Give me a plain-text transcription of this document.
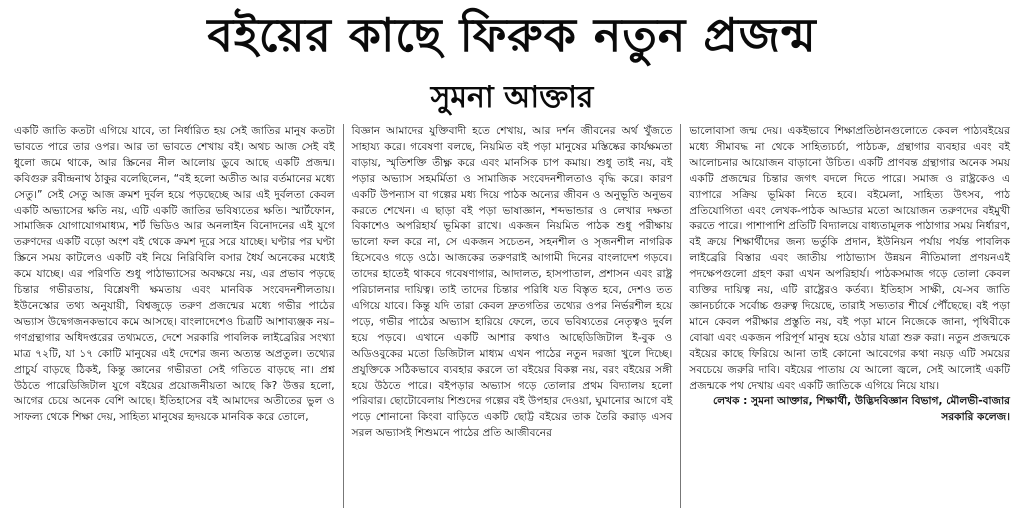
বইয়ের কাছে ফিরুক নতুন প্রজন্ম
সুমনা আক্তার

একটি জাতি কতটা এগিয়ে যাবে, তা নির্ধারিত হয় সেই জাতির মানুষ কতটা ভাবতে পারে তার ওপর। আর তা ভাবতে শেখায় বই। অথচ আজ সেই বই ধুলো জমে থাকে, আর স্ক্রিনের নীল আলোয় ডুবে আছে একটি প্রজন্ম। কবিগুরু রবীন্দ্রনাথ ঠাকুর বলেছিলেন, “বই হলো অতীত আর বর্তমানের মধ্যে সেতু।” সেই সেতু আজ ক্রমশ দুর্বল হয়ে পড়ছেচ্ছে আর এই দুর্বলতা কেবল একটি অভ্যাসের ক্ষতি নয়, এটি একটি জাতির ভবিষ্যতের ক্ষতি। স্মার্টফোন, সামাজিক যোগাযোগমাধ্যম, শর্ট ভিডিও আর অনলাইন বিনোদনের এই যুগে তরুণদের একটি বড়ো অংশ বই থেকে ক্রমশ দূরে সরে যাচ্ছে। ঘণ্টার পর ঘণ্টা স্ক্রিনে সময় কাটলেও একটি বই নিয়ে নিরিবিলি বসার ধৈর্য অনেকের মধ্যেই কমে যাচ্ছে। এর পরিণতি শুধু পাঠাভ্যাসের অবক্ষয়ে নয়, এর প্রভাব পড়ছে চিন্তার গভীরতায়, বিশ্লেষণী ক্ষমতায় এবং মানবিক সংবেদনশীলতায়। ইউনেস্কোর তথ্য অনুযায়ী, বিশ্বজুড়ে তরুণ প্রজন্মের মধ্যে গভীর পাঠের অভ্যাস উদ্বেগজনকভাবে কমে আসছে। বাংলাদেশেও চিত্রটি আশাব্যঞ্জক নয়– গণগ্রন্থাগার অধিদপ্তরের তথ্যমতে, দেশে সরকারি পাবলিক লাইব্রেরির সংখ্যা মাত্র ৭২টি, যা ১৭ কোটি মানুষের এই দেশের জন্য অত্যন্ত অপ্রতুল। তথ্যের প্রাচুর্য বাড়ছে ঠিকই, কিন্তু জ্ঞানের গভীরতা সেই গতিতে বাড়ছে না। প্রশ্ন উঠতে পারেডিজিটাল যুগে বইয়ের প্রয়োজনীয়তা আছে কি? উত্তর হলো, আগের চেয়ে অনেক বেশি আছে। ইতিহাসের বই আমাদের অতীতের ভুল ও সাফল্য থেকে শিক্ষা দেয়, সাহিত্য মানুষের হৃদয়কে মানবিক করে তোলে,

বিজ্ঞান আমাদের যুক্তিবাদী হতে শেখায়, আর দর্শন জীবনের অর্থ খুঁজতে সাহায্য করে। গবেষণা বলছে, নিয়মিত বই পড়া মানুষের মস্তিষ্কের কার্যক্ষমতা বাড়ায়, স্মৃতিশক্তি তীক্ষ্ণ করে এবং মানসিক চাপ কমায়। শুধু তাই নয়, বই পড়ার অভ্যাস সহমর্মিতা ও সামাজিক সংবেদনশীলতাও বৃদ্ধি করে। কারণ একটি উপন্যাস বা গল্পের মধ্য দিয়ে পাঠক অন্যের জীবন ও অনুভূতি অনুভব করতে শেখেন। এ ছাড়া বই পড়া ভাষাজ্ঞান, শব্দভান্ডার ও লেখার দক্ষতা বিকাশেও অপরিহার্য ভূমিকা রাখে। একজন নিয়মিত পাঠক শুধু পরীক্ষায় ভালো ফল করে না, সে একজন সচেতন, সহনশীল ও সৃজনশীল নাগরিক হিসেবেও গড়ে ওঠে। আজকের তরুণরাই আগামী দিনের বাংলাদেশ গড়বে। তাদের হাতেই থাকবে গবেষণাগার, আদালত, হাসপাতাল, প্রশাসন এবং রাষ্ট্র পরিচালনার দায়িত্ব। তাই তাদের চিন্তার পরিধি যত বিস্তৃত হবে, দেশও তত এগিয়ে যাবে। কিন্তু যদি তারা কেবল দ্রুতগতির তথ্যের ওপর নির্ভরশীল হয়ে পড়ে, গভীর পাঠের অভ্যাস হারিয়ে ফেলে, তবে ভবিষ্যতের নেতৃত্বও দুর্বল হয়ে পড়বে। এখানে একটি আশার কথাও আছেডিজিটাল ই-বুক ও অডিওবুকের মতো ডিজিটাল মাধ্যম এখন পাঠের নতুন দরজা খুলে দিচ্ছে। প্রযুক্তিকে সঠিকভাবে ব্যবহার করলে তা বইয়ের বিকল্প নয়, বরং বইয়ের সঙ্গী হয়ে উঠতে পারে। বইপড়ার অভ্যাস গড়ে তোলার প্রথম বিদ্যালয় হলো পরিবার। ছোটোবেলায় শিশুদের গল্পের বই উপহার দেওয়া, ঘুমানোর আগে বই পড়ে শোনানো কিংবা বাড়িতে একটি ছোট্ট বইয়ের তাক তৈরি করাড় এসব সরল অভ্যাসই শিশুমনে পাঠের প্রতি আজীবনের

ভালোবাসা জন্ম দেয়। একইভাবে শিক্ষাপ্রতিষ্ঠানগুলোতে কেবল পাঠ্যবইয়ের মধ্যে সীমাবদ্ধ না থেকে সাহিত্যচর্চা, পাঠচক্র, গ্রন্থাগার ব্যবহার এবং বই আলোচনার আয়োজন বাড়ানো উচিত। একটি প্রাণবন্ত গ্রন্থাগার অনেক সময় একটি প্রজন্মের চিন্তার জগৎ বদলে দিতে পারে। সমাজ ও রাষ্ট্রকেও এ ব্যাপারে সক্রিয় ভূমিকা নিতে হবে। বইমেলা, সাহিত্য উৎসব, পাঠ প্রতিযোগিতা এবং লেখক-পাঠক আড্ডার মতো আয়োজন তরুণদের বইমুখী করতে পারে। পাশাপাশি প্রতিটি বিদ্যালয়ে বাধ্যতামূলক পাঠাগার সময় নির্ধারণ, বই ক্রয়ে শিক্ষার্থীদের জন্য ভর্তুকি প্রদান, ইউনিয়ন পর্যায় পর্যন্ত পাবলিক লাইব্রেরি বিস্তার এবং জাতীয় পাঠাভ্যাস উন্নয়ন নীতিমালা প্রণয়নএই পদক্ষেপগুলো গ্রহণ করা এখন অপরিহার্য। পাঠকসমাজ গড়ে তোলা কেবল ব্যক্তির দায়িত্ব নয়, এটি রাষ্ট্রেরও কর্তব্য। ইতিহাস সাক্ষী, যে-সব জাতি জ্ঞানচর্চাকে সর্বোচ্চ গুরুত্ব দিয়েছে, তারাই সভ্যতার শীর্ষে পৌঁছেছে। বই পড়া মানে কেবল পরীক্ষার প্রস্তুতি নয়, বই পড়া মানে নিজেকে জানা, পৃথিবীকে বোঝা এবং একজন পরিপূর্ণ মানুষ হয়ে ওঠার যাত্রা শুরু করা। নতুন প্রজন্মকে বইয়ের কাছে ফিরিয়ে আনা তাই কোনো আবেগের কথা নয়ড় এটি সময়ের সবচেয়ে জরুরি দাবি। বইয়ের পাতায় যে আলো জ্বলে, সেই আলোই একটি প্রজন্মকে পথ দেখায় এবং একটি জাতিকে এগিয়ে নিয়ে যায়।

লেখক : সুমনা আক্তার, শিক্ষার্থী, উদ্ভিদবিজ্ঞান বিভাগ, মৌলভী-বাজার সরকারি কলেজ।
